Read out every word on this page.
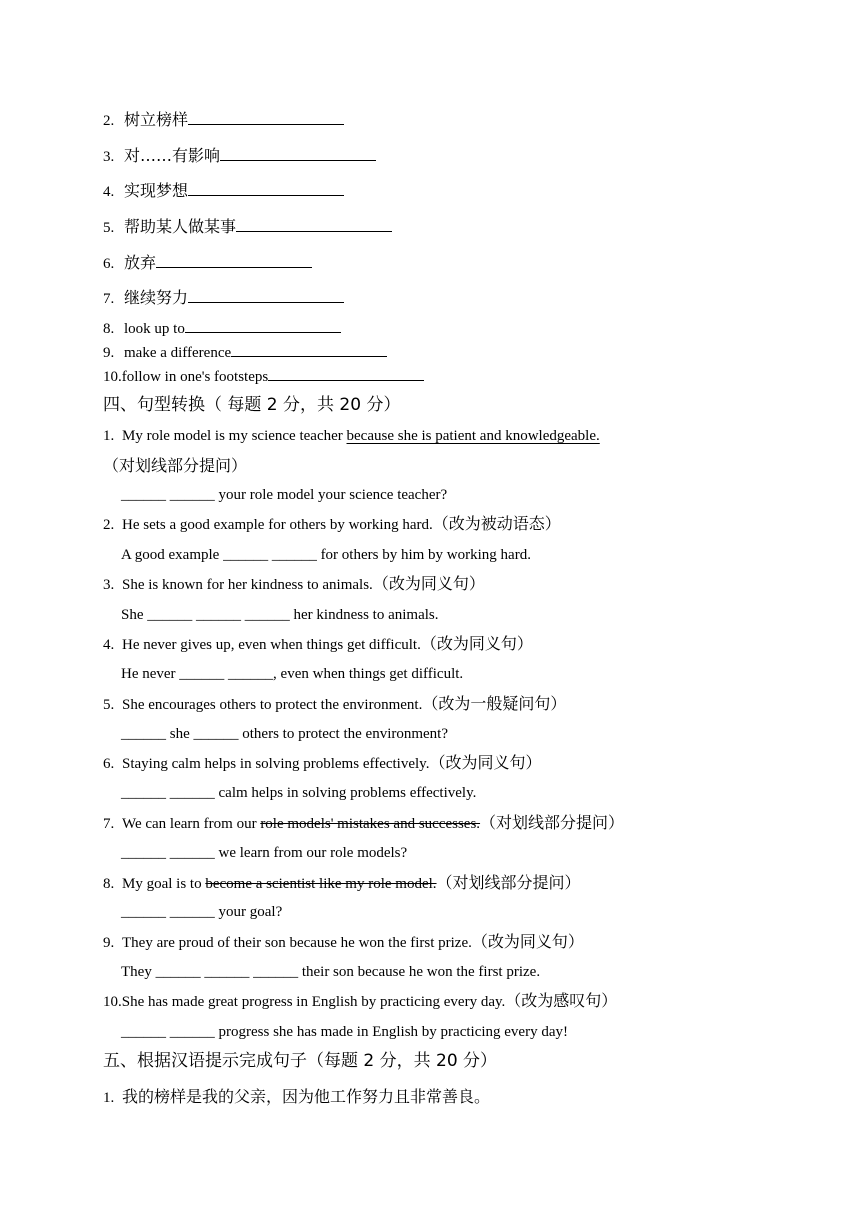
2. 树立榜样
3. 对……有影响
4. 实现梦想
5. 帮助某人做某事
6. 放弃
7. 继续努力
8. look up to
9. make a difference
10.follow in one's footsteps
四、句型转换（ 每题 2 分，共 20 分）
1. My role model is my science teacher because she is patient and knowledgeable.
（对划线部分提问）
______ ______ your role model your science teacher?
2. He sets a good example for others by working hard.（改为被动语态）
A good example ______ ______ for others by him by working hard.
3. She is known for her kindness to animals.（改为同义句）
She ______ ______ ______ her kindness to animals.
4. He never gives up, even when things get difficult.（改为同义句）
He never ______ ______, even when things get difficult.
5. She encourages others to protect the environment.（改为一般疑问句）
______ she ______ others to protect the environment?
6. Staying calm helps in solving problems effectively.（改为同义句）
______ ______ calm helps in solving problems effectively.
7. We can learn from our role models' mistakes and successes.（对划线部分提问）
______ ______ we learn from our role models?
8. My goal is to become a scientist like my role model.（对划线部分提问）
______ ______ your goal?
9. They are proud of their son because he won the first prize.（改为同义句）
They ______ ______ ______ their son because he won the first prize.
10.She has made great progress in English by practicing every day.（改为感叹句）
______ ______ progress she has made in English by practicing every day!
五、根据汉语提示完成句子（每题 2 分，共 20 分）
1. 我的榜样是我的父亲，因为他工作努力且非常善良。
